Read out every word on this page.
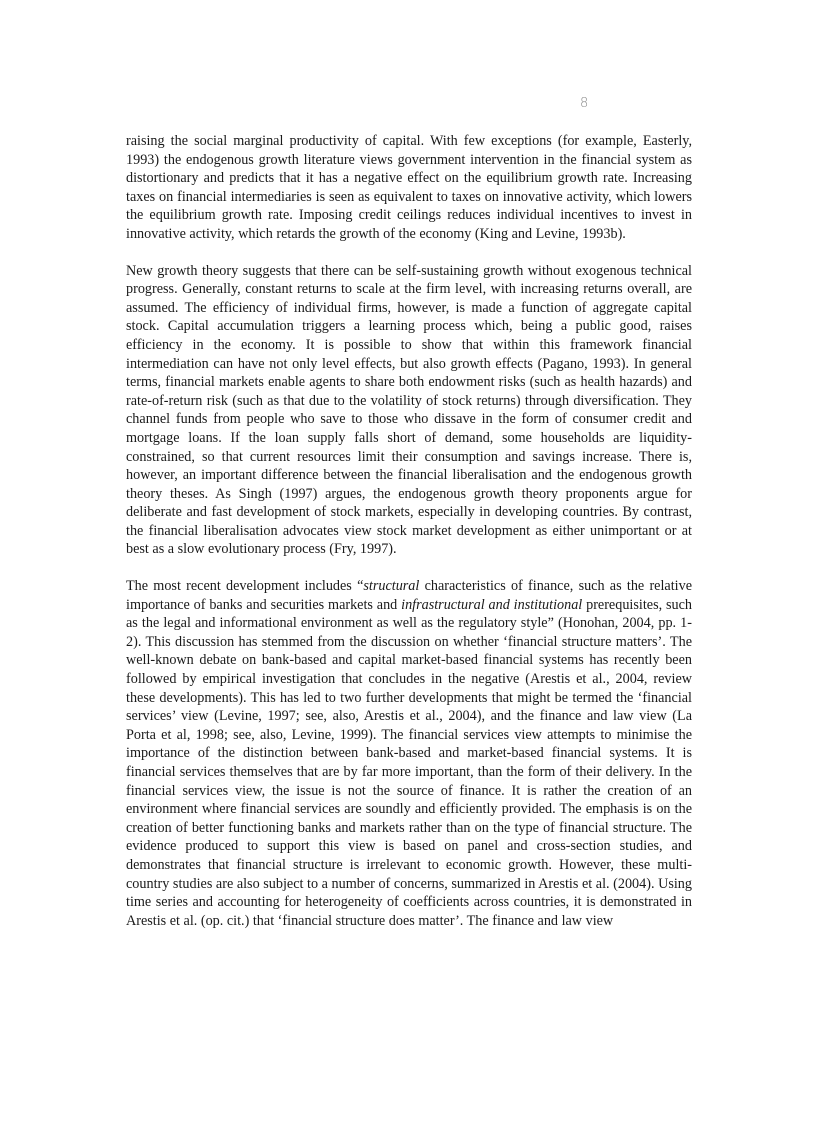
8

raising the social marginal productivity of capital. With few exceptions (for example, Easterly, 1993) the endogenous growth literature views government intervention in the financial system as distortionary and predicts that it has a negative effect on the equilibrium growth rate. Increasing taxes on financial intermediaries is seen as equivalent to taxes on innovative activity, which lowers the equilibrium growth rate. Imposing credit ceilings reduces individual incentives to invest in innovative activity, which retards the growth of the economy (King and Levine, 1993b).

New growth theory suggests that there can be self-sustaining growth without exogenous technical progress. Generally, constant returns to scale at the firm level, with increasing returns overall, are assumed. The efficiency of individual firms, however, is made a function of aggregate capital stock. Capital accumulation triggers a learning process which, being a public good, raises efficiency in the economy. It is possible to show that within this framework financial intermediation can have not only level effects, but also growth effects (Pagano, 1993). In general terms, financial markets enable agents to share both endowment risks (such as health hazards) and rate-of-return risk (such as that due to the volatility of stock returns) through diversification. They channel funds from people who save to those who dissave in the form of consumer credit and mortgage loans. If the loan supply falls short of demand, some households are liquidity-constrained, so that current resources limit their consumption and savings increase. There is, however, an important difference between the financial liberalisation and the endogenous growth theory theses. As Singh (1997) argues, the endogenous growth theory proponents argue for deliberate and fast development of stock markets, especially in developing countries. By contrast, the financial liberalisation advocates view stock market development as either unimportant or at best as a slow evolutionary process (Fry, 1997).

The most recent development includes “structural characteristics of finance, such as the relative importance of banks and securities markets and infrastructural and institutional prerequisites, such as the legal and informational environment as well as the regulatory style” (Honohan, 2004, pp. 1-2). This discussion has stemmed from the discussion on whether ‘financial structure matters’. The well-known debate on bank-based and capital market-based financial systems has recently been followed by empirical investigation that concludes in the negative (Arestis et al., 2004, review these developments). This has led to two further developments that might be termed the ‘financial services’ view (Levine, 1997; see, also, Arestis et al., 2004), and the finance and law view (La Porta et al, 1998; see, also, Levine, 1999). The financial services view attempts to minimise the importance of the distinction between bank-based and market-based financial systems. It is financial services themselves that are by far more important, than the form of their delivery. In the financial services view, the issue is not the source of finance. It is rather the creation of an environment where financial services are soundly and efficiently provided. The emphasis is on the creation of better functioning banks and markets rather than on the type of financial structure. The evidence produced to support this view is based on panel and cross-section studies, and demonstrates that financial structure is irrelevant to economic growth. However, these multi-country studies are also subject to a number of concerns, summarized in Arestis et al. (2004). Using time series and accounting for heterogeneity of coefficients across countries, it is demonstrated in Arestis et al. (op. cit.) that ‘financial structure does matter’. The finance and law view
